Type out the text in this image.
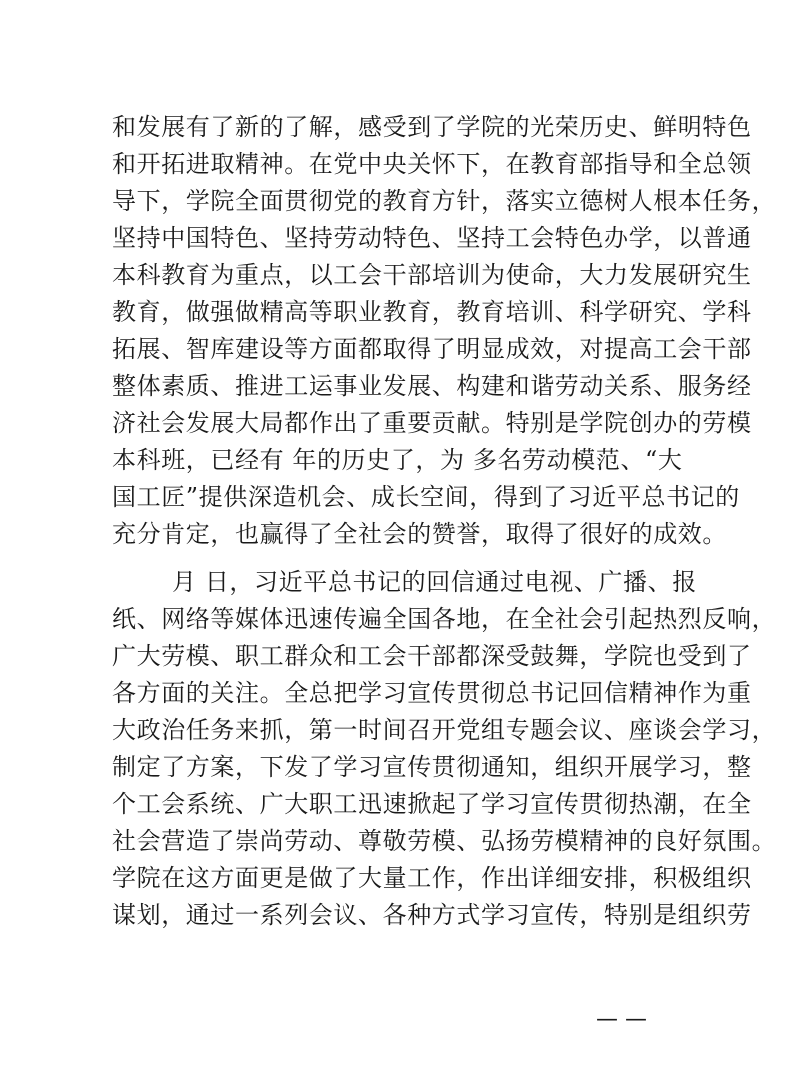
和发展有了新的了解，感受到了学院的光荣历史、鲜明特色
和开拓进取精神。在党中央关怀下，在教育部指导和全总领
导下，学院全面贯彻党的教育方针，落实立德树人根本任务，
坚持中国特色、坚持劳动特色、坚持工会特色办学，以普通
本科教育为重点，以工会干部培训为使命，大力发展研究生
教育，做强做精高等职业教育，教育培训、科学研究、学科
拓展、智库建设等方面都取得了明显成效，对提高工会干部
整体素质、推进工运事业发展、构建和谐劳动关系、服务经
济社会发展大局都作出了重要贡献。特别是学院创办的劳模
本科班，已经有 年的历史了，为 多名劳动模范、“大
国工匠”提供深造机会、成长空间，得到了习近平总书记的
充分肯定，也赢得了全社会的赞誉，取得了很好的成效。
月 日，习近平总书记的回信通过电视、广播、报
纸、网络等媒体迅速传遍全国各地，在全社会引起热烈反响，
广大劳模、职工群众和工会干部都深受鼓舞，学院也受到了
各方面的关注。全总把学习宣传贯彻总书记回信精神作为重
大政治任务来抓，第一时间召开党组专题会议、座谈会学习，
制定了方案，下发了学习宣传贯彻通知，组织开展学习，整
个工会系统、广大职工迅速掀起了学习宣传贯彻热潮，在全
社会营造了崇尚劳动、尊敬劳模、弘扬劳模精神的良好氛围。
学院在这方面更是做了大量工作，作出详细安排，积极组织
谋划，通过一系列会议、各种方式学习宣传，特别是组织劳
— —
